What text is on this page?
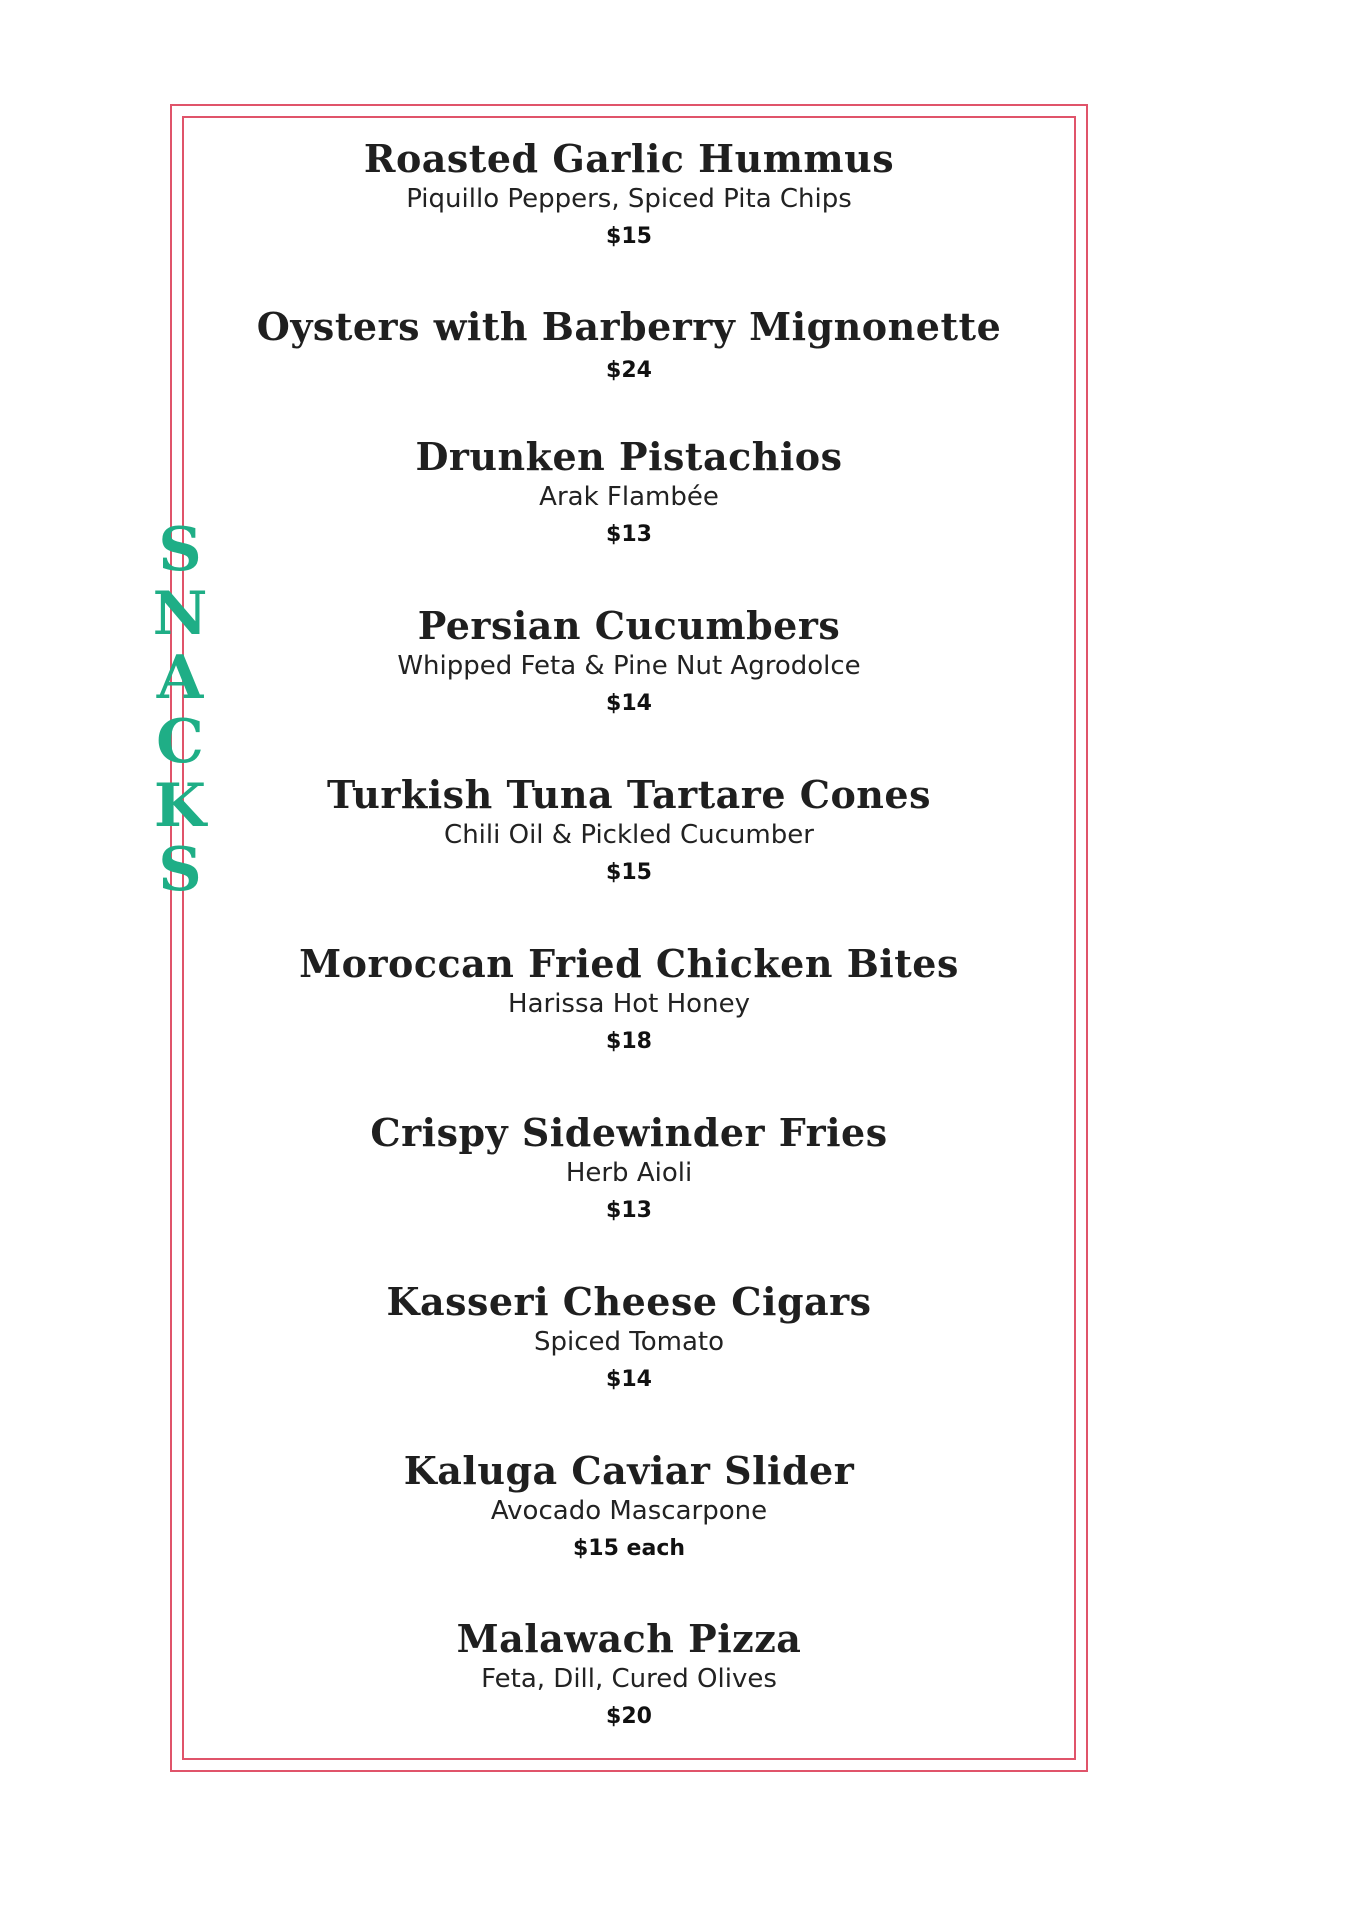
S
N
A
C
K
S
Roasted Garlic Hummus
Piquillo Peppers, Spiced Pita Chips
$15
Oysters with Barberry Mignonette
$24
Drunken Pistachios
Arak Flambée
$13
Persian Cucumbers
Whipped Feta & Pine Nut Agrodolce
$14
Turkish Tuna Tartare Cones
Chili Oil & Pickled Cucumber
$15
Moroccan Fried Chicken Bites
Harissa Hot Honey
$18
Crispy Sidewinder Fries
Herb Aioli
$13
Kasseri Cheese Cigars
Spiced Tomato
$14
Kaluga Caviar Slider
Avocado Mascarpone
$15 each
Malawach Pizza
Feta, Dill, Cured Olives
$20
